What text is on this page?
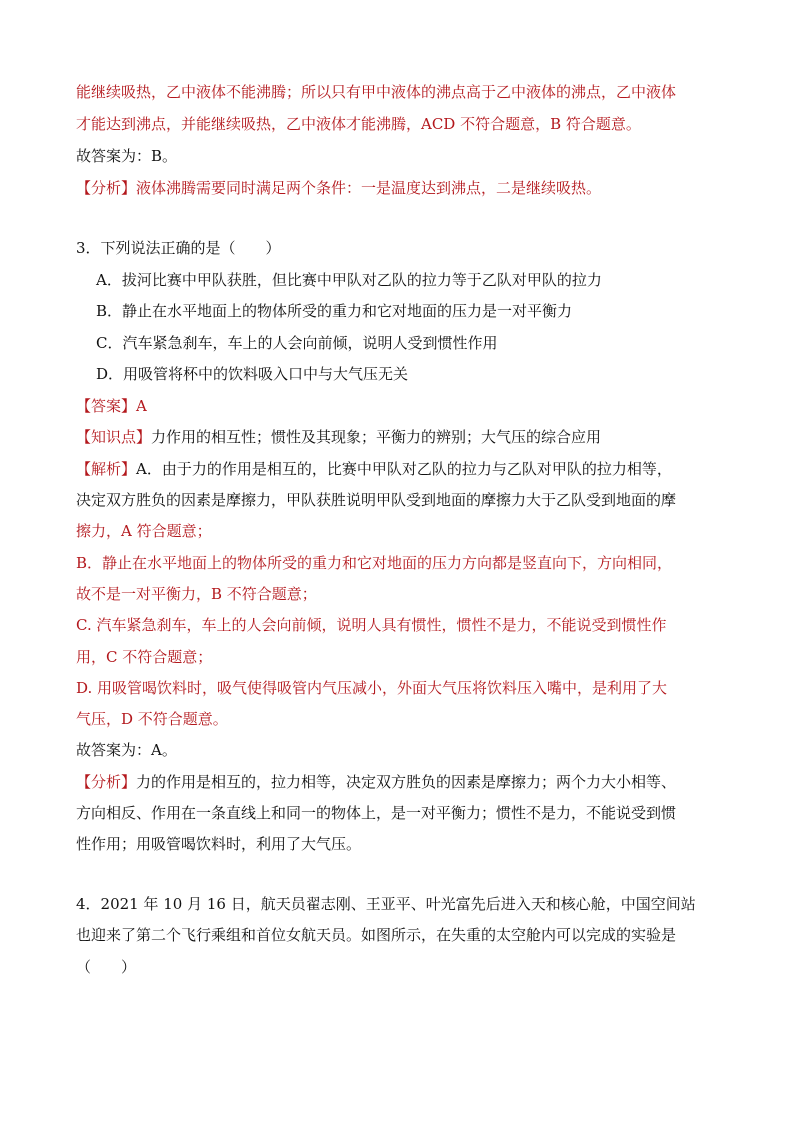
能继续吸热，乙中液体不能沸腾；所以只有甲中液体的沸点高于乙中液体的沸点，乙中液体
才能达到沸点，并能继续吸热，乙中液体才能沸腾，ACD 不符合题意，B 符合题意。
故答案为：B。
【分析】液体沸腾需要同时满足两个条件：一是温度达到沸点，二是继续吸热。
3．下列说法正确的是（　　）
A．拔河比赛中甲队获胜，但比赛中甲队对乙队的拉力等于乙队对甲队的拉力
B．静止在水平地面上的物体所受的重力和它对地面的压力是一对平衡力
C．汽车紧急刹车，车上的人会向前倾，说明人受到惯性作用
D．用吸管将杯中的饮料吸入口中与大气压无关
【答案】A
【知识点】力作用的相互性；惯性及其现象；平衡力的辨别；大气压的综合应用
【解析】A．由于力的作用是相互的，比赛中甲队对乙队的拉力与乙队对甲队的拉力相等，
决定双方胜负的因素是摩擦力，甲队获胜说明甲队受到地面的摩擦力大于乙队受到地面的摩
擦力，A 符合题意；
B．静止在水平地面上的物体所受的重力和它对地面的压力方向都是竖直向下，方向相同，
故不是一对平衡力，B 不符合题意；
C. 汽车紧急刹车，车上的人会向前倾，说明人具有惯性，惯性不是力，不能说受到惯性作
用，C 不符合题意；
D. 用吸管喝饮料时，吸气使得吸管内气压减小，外面大气压将饮料压入嘴中，是利用了大
气压，D 不符合题意。
故答案为：A。
【分析】力的作用是相互的，拉力相等，决定双方胜负的因素是摩擦力；两个力大小相等、
方向相反、作用在一条直线上和同一的物体上，是一对平衡力；惯性不是力，不能说受到惯
性作用；用吸管喝饮料时，利用了大气压。
4．2021 年 10 月 16 日，航天员翟志刚、王亚平、叶光富先后进入天和核心舱，中国空间站
也迎来了第二个飞行乘组和首位女航天员。如图所示，在失重的太空舱内可以完成的实验是
（　　）
